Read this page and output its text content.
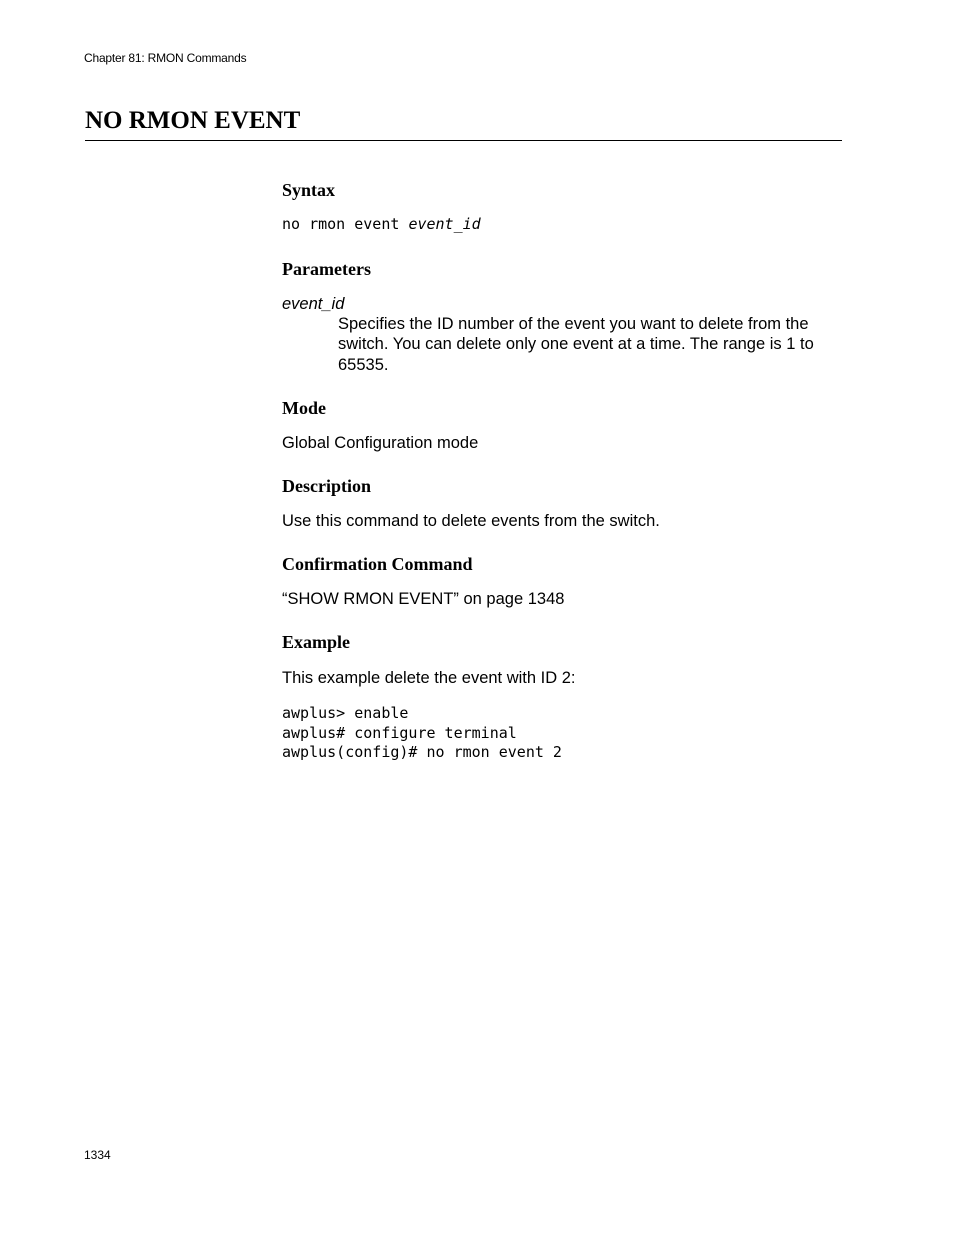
Chapter 81: RMON Commands
NO RMON EVENT
Syntax

no rmon event event_id

Parameters

event_id

Specifies the ID number of the event you want to delete from the switch. You can delete only one event at a time. The range is 1 to 65535.

Mode

Global Configuration mode

Description

Use this command to delete events from the switch.

Confirmation Command

“SHOW RMON EVENT” on page 1348

Example

This example delete the event with ID 2:

awplus> enable

awplus# configure terminal

awplus(config)# no rmon event 2

1334
